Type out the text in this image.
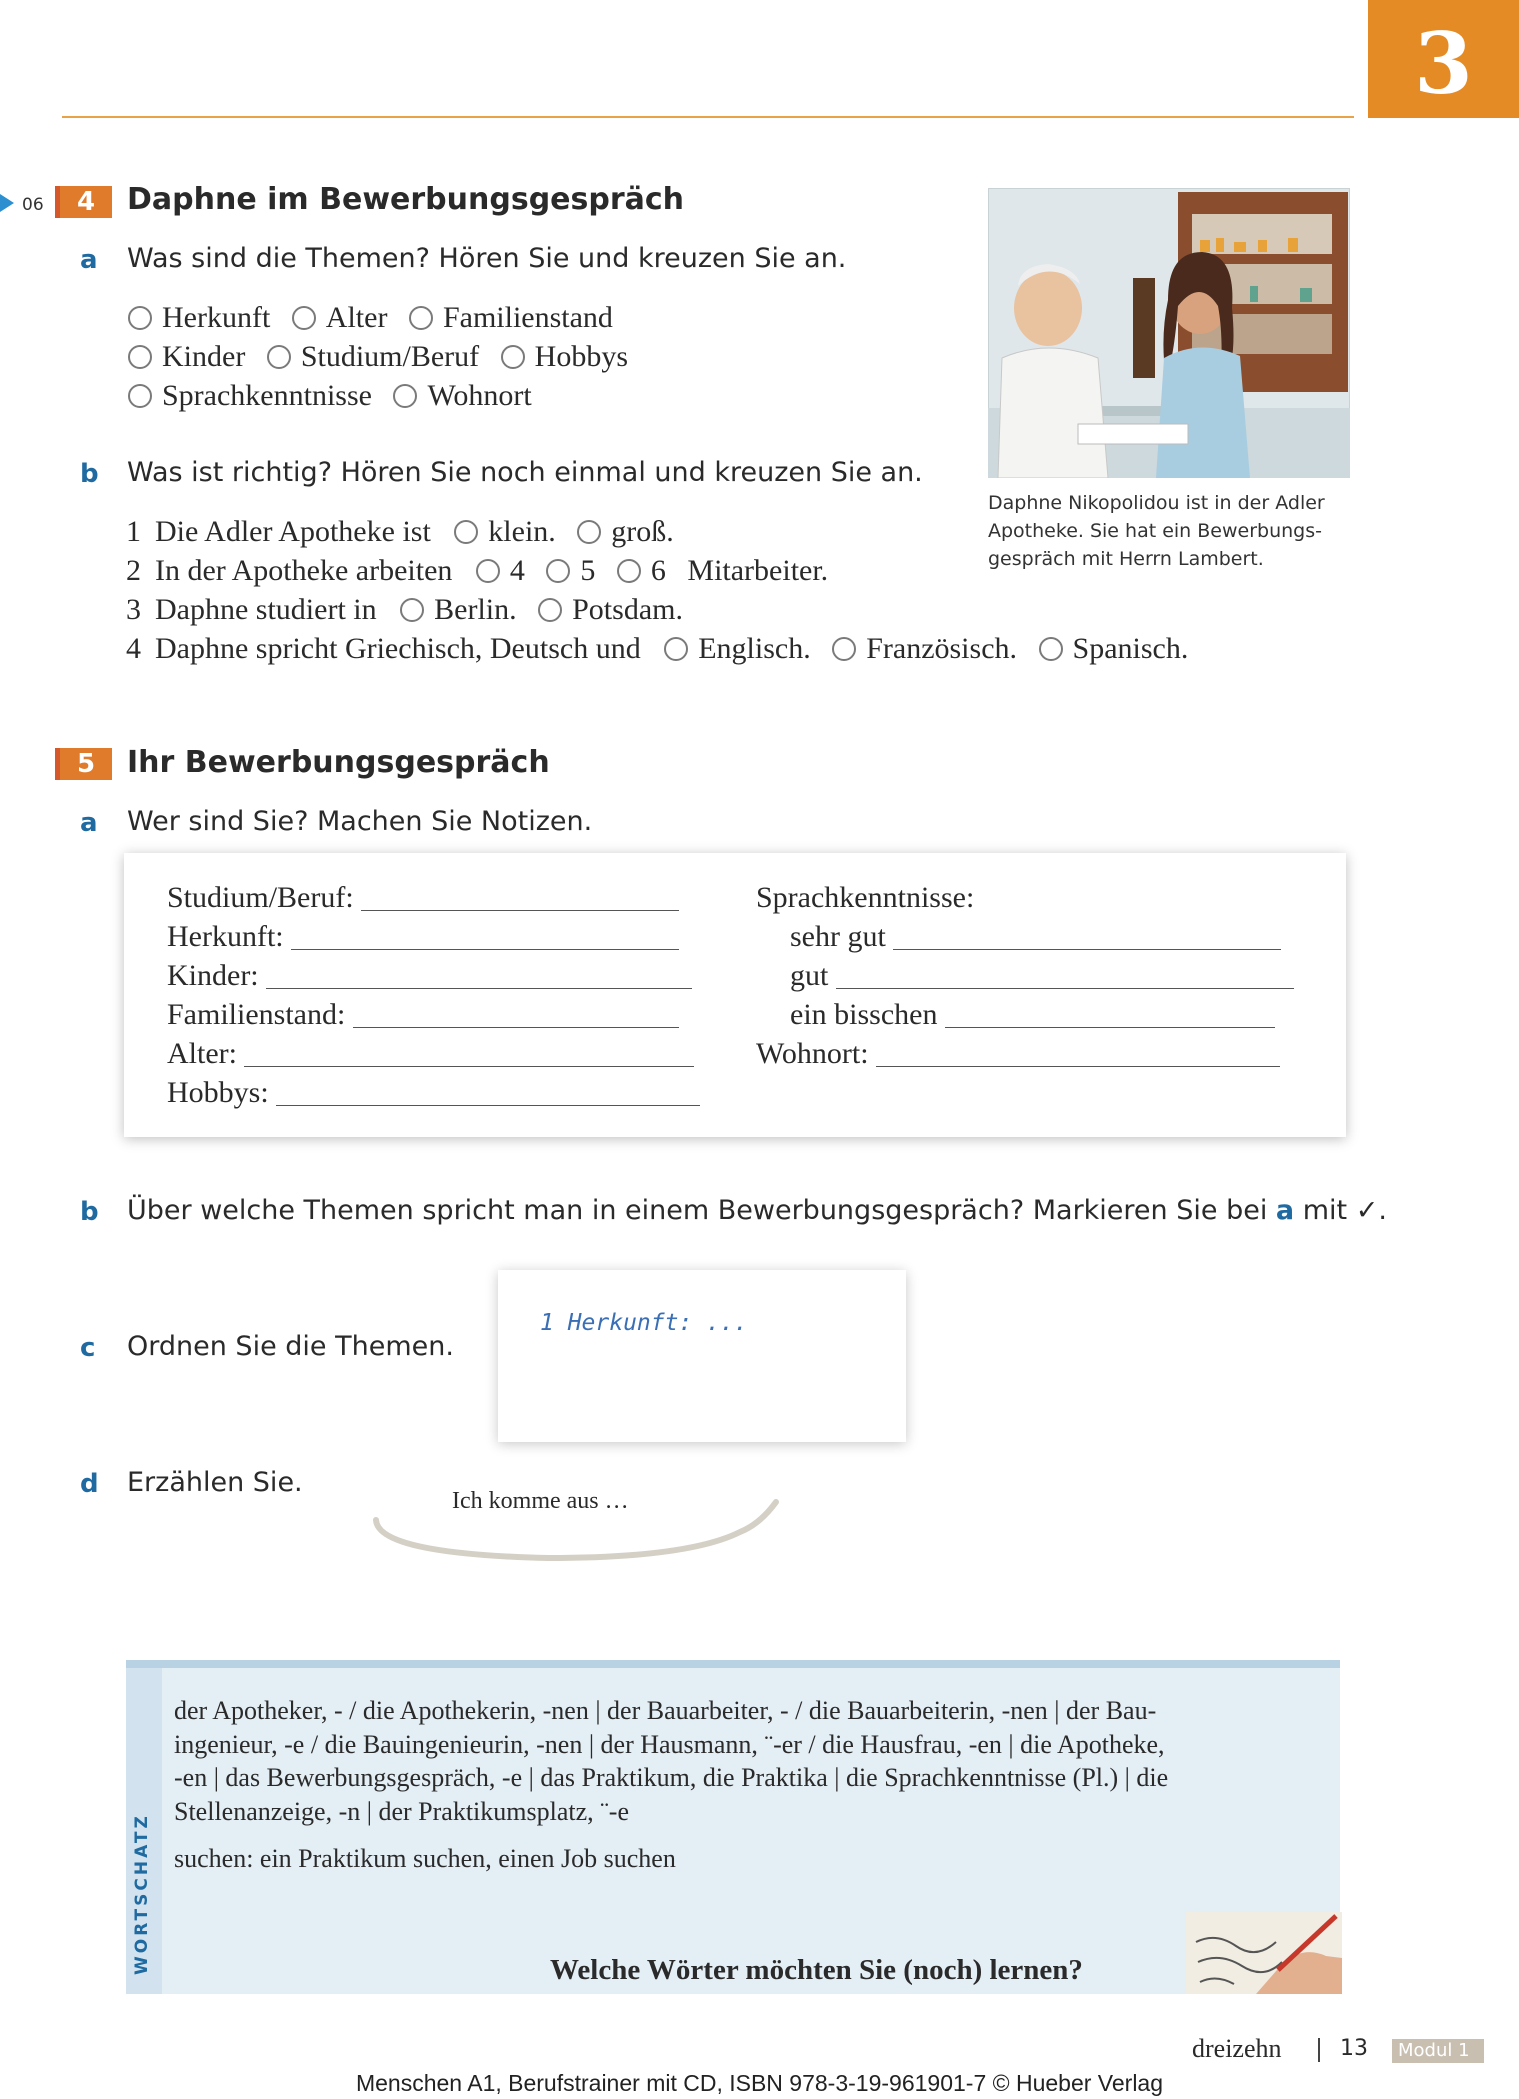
3
06	4	Daphne im Bewerbungsgespräch
a Was sind die Themen? Hören Sie und kreuzen Sie an.
Herkunft Alter Familienstand
Kinder Studium/Beruf Hobbys
Sprachkenntnisse Wohnort
b Was ist richtig? Hören Sie noch einmal und kreuzen Sie an.
1 Die Adler Apotheke ist klein. groß.
2 In der Apotheke arbeiten 4 5 6 Mitarbeiter.
3 Daphne studiert in Berlin. Potsdam.
4 Daphne spricht Griechisch, Deutsch und Englisch. Französisch. Spanisch.
Daphne Nikopolidou ist in der Adler
Apotheke. Sie hat ein Bewerbungs-
gespräch mit Herrn Lambert.
5	Ihr Bewerbungsgespräch
a Wer sind Sie? Machen Sie Notizen.
Studium/Beruf:
Herkunft:
Kinder:
Familienstand:
Alter:
Hobbys:
Sprachkenntnisse:
sehr gut
gut
ein bisschen
Wohnort:
b Über welche Themen spricht man in einem Bewerbungsgespräch? Markieren Sie bei a mit ✓.
c Ordnen Sie die Themen.
1 Herkunft: ...
d Erzählen Sie.
Ich komme aus …
WORTSCHATZ
der Apotheker, - / die Apothekerin, -nen | der Bauarbeiter, - / die Bauarbeiterin, -nen | der Bau-
ingenieur, -e / die Bauingenieurin, -nen | der Hausmann, ¨-er / die Hausfrau, -en | die Apotheke,
-en | das Bewerbungsgespräch, -e | das Praktikum, die Praktika | die Sprachkenntnisse (Pl.) | die
Stellenanzeige, -n | der Praktikumsplatz, ¨-e
suchen: ein Praktikum suchen, einen Job suchen
Welche Wörter möchten Sie (noch) lernen?
dreizehn	13	Modul 1
Menschen A1, Berufstrainer mit CD, ISBN 978-3-19-961901-7 © Hueber Verlag
